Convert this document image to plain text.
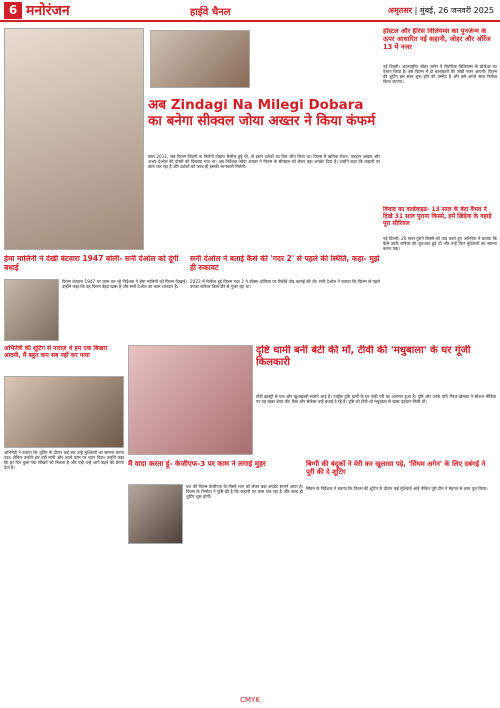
6 मनोरंजन	हाईवे चैनल	अमृतसर | मुंबई, 26 जनवरी 2025
अब Zindagi Na Milegi Dobara का बनेगा सीक्वल जोया अख्तर ने किया कंफर्म
साल 2011, जब फिल्म जिंदगी ना मिलेगी दोबारा रिलीज़ हुई थी, तो इसने दर्शकों का दिल जीत लिया था। फिल्म में ऋतिक रोशन, फरहान अख्तर और अभय देओल की दोस्ती को दिखाया गया था। अब निर्देशक जोया अख्तर ने फिल्म के सीक्वल को लेकर बड़ा अपडेट दिया है। उन्होंने कहा कि कहानी पर काम चल रहा है और दर्शकों को जल्द ही इसकी जानकारी मिलेगी।
हॉस्टल और हैरिस विलियम्स का पुनर्जन्म के ऊपर आधारित नई कहानी, जोहर और ऑरेंज 13 में नजर
नई दिल्ली। अंतरराष्ट्रीय जोहर जर्मन ने रोमांटिक विलियम्स के प्रोजेक्ट का ऐलान किया है। इस फिल्म में दो कलाकारों की जोड़ी नजर आएगी। फिल्म की शूटिंग इस साल शुरू होने की उम्मीद है और इसे अगले साल रिलीज़ किया जाएगा।
विवाद का वर्ल्डवाइड- 13 साल के बेटा वैभव ने दिखे 31 साल पुराना किस्से, हमें खिड़ेक के वहाड़े पूरा सीरियल
नई दिल्ली। 20 साल पुराने किस्से को याद करते हुए अभिनेता ने बताया कि कैसे उनके करियर की शुरुआत हुई थी और उन्हें किन मुश्किलों का सामना करना पड़ा।
हेमा मालिनी ने देखी बंटवारा 1947 बोलीं- सनी देओल को दूंगी बधाई
फिल्म बंटवारा 1947 पर काम कर रहे निर्देशक ने हेमा मालिनी को फिल्म दिखाई। उन्होंने कहा कि यह फिल्म बेहद खास है और सनी देओल का काम शानदार है।
सनी देओल ने बताई कैसे की 'गदर 2' से पहले की स्थिति, कहा- मुझे ही रुकावट
2023 में रिलीज़ हुई फिल्म गदर 2 ने बॉक्स ऑफिस पर रिकॉर्ड तोड़ कमाई की थी। सनी देओल ने बताया कि फिल्म से पहले उनका करियर किस दौर से गुजर रहा था।
अभिनेत्री की शूटिंग से नाराज़ थे हम एक बिखरा आदमी, मैं बहुत कम सब नहीं कर पाया
अभिनेत्री ने बताया कि शूटिंग के दौरान कई बार उन्हें मुश्किलों का सामना करना पड़ा। लेकिन उन्होंने हार नहीं मानी और अपने काम पर ध्यान दिया। उन्होंने कहा कि हर दिन कुछ नया सीखने को मिलता है और यही उन्हें आगे बढ़ने की प्रेरणा देता है।
दृष्टि धामी बनीं बेटी की माँ, टीवी की 'मधुबाला' के घर गूंजी किलकारी
टीवी इंडस्ट्री से एक और खुशखबरी सामने आई है। एक्ट्रेस दृष्टि धामी के घर नन्ही परी का आगमन हुआ है। दृष्टि और उनके पति नीरज खेमका ने सोशल मीडिया पर यह खबर शेयर की। फैंस और सेलेब्स उन्हें बधाई दे रहे हैं। दृष्टि को टीवी शो मधुबाला से खास पहचान मिली थी।
मैं वादा करता हूं- केजीएफ-3 पर काम ने लगाई मुहर
यश की फिल्म केजीएफ के तीसरे भाग को लेकर बड़ा अपडेट सामने आया है। फिल्म के निर्माता ने पुष्टि की है कि कहानी पर काम चल रहा है और जल्द ही शूटिंग शुरू होगी।
बिग्गी की बंदूकों ने मेरी कर खुलासा पड़े, 'सिंघम अगेन' के लिए दबंगई ने पूरी की दे शूटिंग
सिंघम के निर्देशक ने बताया कि फिल्म की शूटिंग के दौरान कई मुश्किलें आईं लेकिन पूरी टीम ने मेहनत से काम पूरा किया।
CMYK
